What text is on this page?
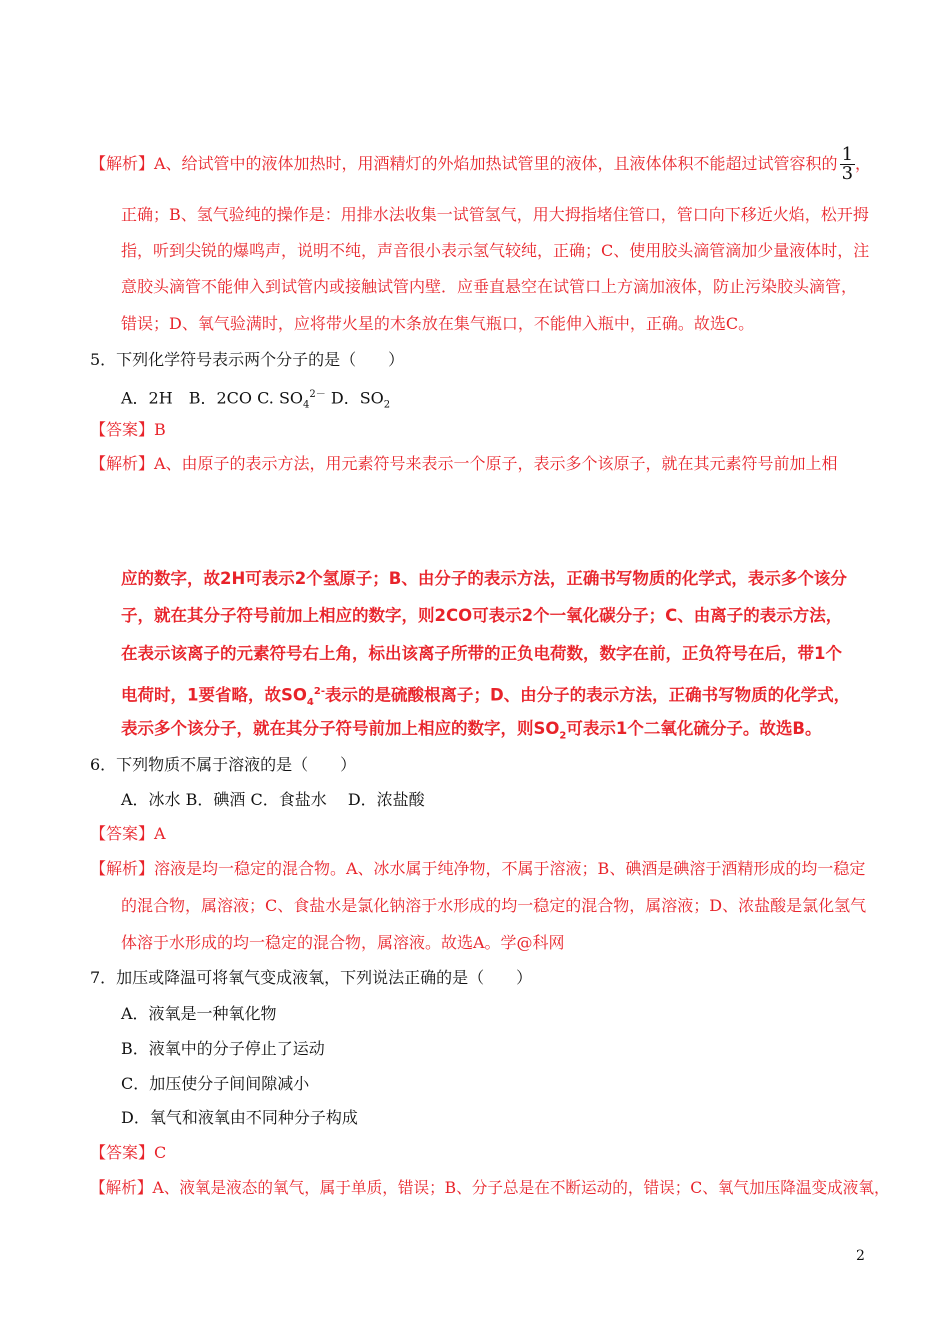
【解析】A、给试管中的液体加热时，用酒精灯的外焰加热试管里的液体，且液体体积不能超过试管容积的 $\frac{1}{3}$ ，
正确；B、氢气验纯的操作是：用排水法收集一试管氢气，用大拇指堵住管口，管口向下移近火焰，松开拇
指，听到尖锐的爆鸣声，说明不纯，声音很小表示氢气较纯，正确；C、使用胶头滴管滴加少量液体时，注
意胶头滴管不能伸入到试管内或接触试管内壁．应垂直悬空在试管口上方滴加液体，防止污染胶头滴管，
错误；D、氧气验满时，应将带火星的木条放在集气瓶口，不能伸入瓶中，正确。故选C。
5．下列化学符号表示两个分子的是（　　）
A．2H　B．2CO C. $SO_4^{2-}$ D．$SO_2$
【答案】B
【解析】A、由原子的表示方法，用元素符号来表示一个原子，表示多个该原子，就在其元素符号前加上相
应的数字，故2H可表示2个氢原子；B、由分子的表示方法，正确书写物质的化学式，表示多个该分
子，就在其分子符号前加上相应的数字，则2CO可表示2个一氧化碳分子；C、由离子的表示方法，
在表示该离子的元素符号右上角，标出该离子所带的正负电荷数，数字在前，正负符号在后，带1个
电荷时，1要省略，故$SO_4^{2-}$表示的是硫酸根离子；D、由分子的表示方法，正确书写物质的化学式，
表示多个该分子，就在其分子符号前加上相应的数字，则$SO_2$可表示1个二氧化硫分子。故选B。
6．下列物质不属于溶液的是（　　）
A．冰水 B．碘酒 C．食盐水　 D．浓盐酸
【答案】A
【解析】溶液是均一稳定的混合物。A、冰水属于纯净物，不属于溶液；B、碘酒是碘溶于酒精形成的均一稳定
的混合物，属溶液；C、食盐水是氯化钠溶于水形成的均一稳定的混合物，属溶液；D、浓盐酸是氯化氢气
体溶于水形成的均一稳定的混合物，属溶液。故选A。学@科网
7．加压或降温可将氧气变成液氧，下列说法正确的是（　　）
A．液氧是一种氧化物
B．液氧中的分子停止了运动
C．加压使分子间间隙减小
D．氧气和液氧由不同种分子构成
【答案】C
【解析】A、液氧是液态的氧气，属于单质，错误；B、分子总是在不断运动的，错误；C、氧气加压降温变成液氧，
2
